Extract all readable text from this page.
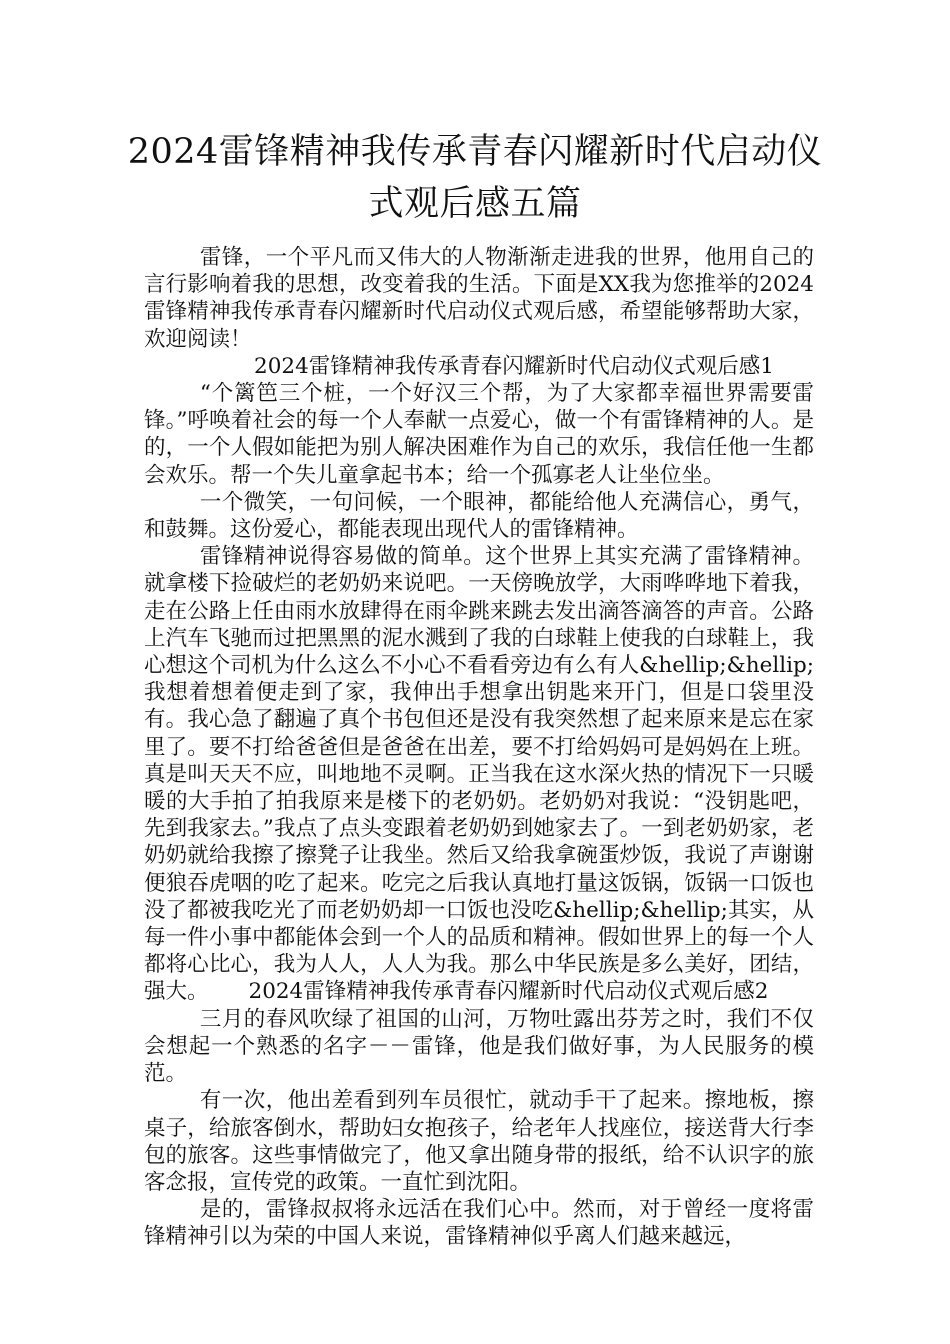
2024雷锋精神我传承青春闪耀新时代启动仪式观后感五篇

雷锋，一个平凡而又伟大的人物渐渐走进我的世界，他用自己的言行影响着我的思想，改变着我的生活。下面是XX我为您推举的2024雷锋精神我传承青春闪耀新时代启动仪式观后感，希望能够帮助大家，欢迎阅读！

2024雷锋精神我传承青春闪耀新时代启动仪式观后感1

“个篱笆三个桩，一个好汉三个帮，为了大家都幸福世界需要雷锋。”呼唤着社会的每一个人奉献一点爱心，做一个有雷锋精神的人。是的，一个人假如能把为别人解决困难作为自己的欢乐，我信任他一生都会欢乐。帮一个失儿童拿起书本；给一个孤寡老人让坐位坐。

一个微笑，一句问候，一个眼神，都能给他人充满信心，勇气，和鼓舞。这份爱心，都能表现出现代人的雷锋精神。

雷锋精神说得容易做的简单。这个世界上其实充满了雷锋精神。就拿楼下捡破烂的老奶奶来说吧。一天傍晚放学，大雨哗哗地下着我，走在公路上任由雨水放肆得在雨伞跳来跳去发出滴答滴答的声音。公路上汽车飞驰而过把黑黑的泥水溅到了我的白球鞋上使我的白球鞋上，我心想这个司机为什么这么不小心不看看旁边有么有人&hellip;&hellip;我想着想着便走到了家，我伸出手想拿出钥匙来开门，但是口袋里没有。我心急了翻遍了真个书包但还是没有我突然想了起来原来是忘在家里了。要不打给爸爸但是爸爸在出差，要不打给妈妈可是妈妈在上班。真是叫天天不应，叫地地不灵啊。正当我在这水深火热的情况下一只暖暖的大手拍了拍我原来是楼下的老奶奶。老奶奶对我说：“没钥匙吧，先到我家去。”我点了点头变跟着老奶奶到她家去了。一到老奶奶家，老奶奶就给我擦了擦凳子让我坐。然后又给我拿碗蛋炒饭，我说了声谢谢便狼吞虎咽的吃了起来。吃完之后我认真地打量这饭锅，饭锅一口饭也没了都被我吃光了而老奶奶却一口饭也没吃&hellip;&hellip;其实，从每一件小事中都能体会到一个人的品质和精神。假如世界上的每一个人都将心比心，我为人人，人人为我。那么中华民族是多么美好，团结，强大。 2024雷锋精神我传承青春闪耀新时代启动仪式观后感2

三月的春风吹绿了祖国的山河，万物吐露出芬芳之时，我们不仅会想起一个熟悉的名字－－雷锋，他是我们做好事，为人民服务的模范。

有一次，他出差看到列车员很忙，就动手干了起来。擦地板，擦桌子，给旅客倒水，帮助妇女抱孩子，给老年人找座位，接送背大行李包的旅客。这些事情做完了，他又拿出随身带的报纸，给不认识字的旅客念报，宣传党的政策。一直忙到沈阳。

是的，雷锋叔叔将永远活在我们心中。然而，对于曾经一度将雷锋精神引以为荣的中国人来说，雷锋精神似乎离人们越来越远，
